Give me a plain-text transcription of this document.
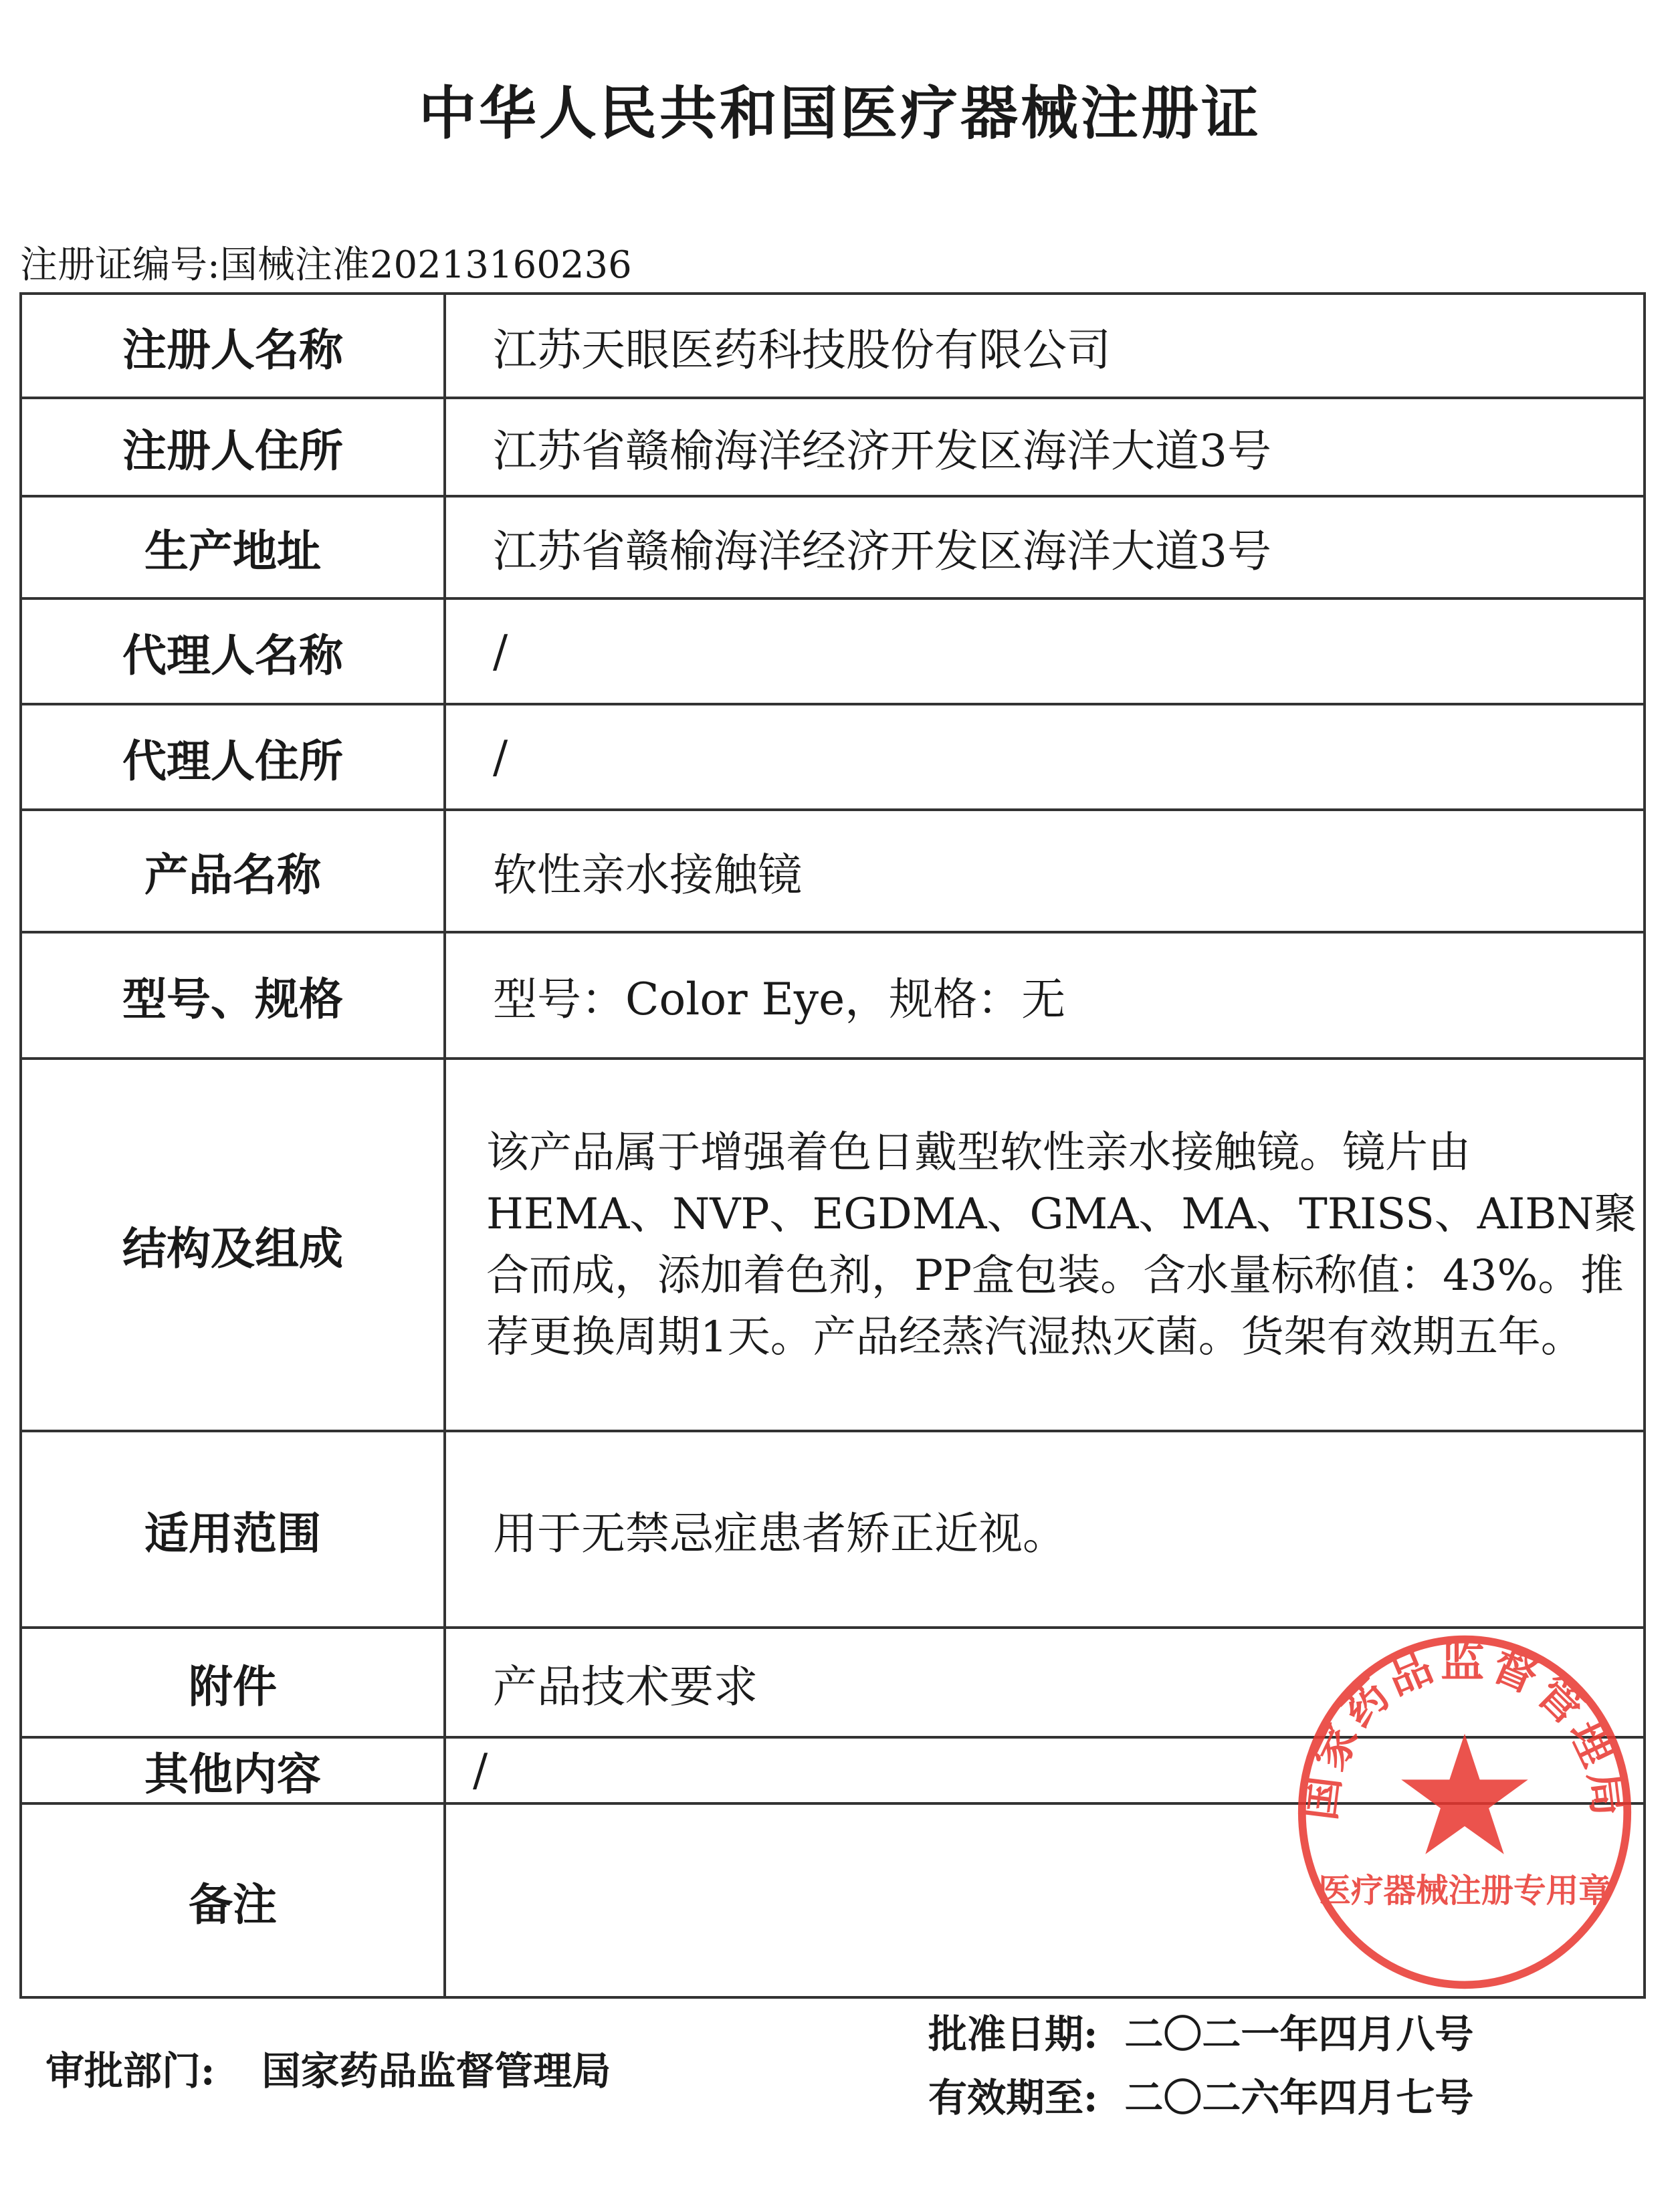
中华人民共和国医疗器械注册证
注册证编号:国械注准20213160236
注册人名称	江苏天眼医药科技股份有限公司
注册人住所	江苏省赣榆海洋经济开发区海洋大道3号
生产地址	江苏省赣榆海洋经济开发区海洋大道3号
代理人名称	/
代理人住所	/
产品名称	软性亲水接触镜
型号、规格	型号：Color Eye，规格：无
结构及组成	该产品属于增强着色日戴型软性亲水接触镜。镜片由HEMA、NVP、EGDMA、GMA、MA、TRISS、AIBN聚合而成，添加着色剂，PP盒包装。含水量标称值：43%。推荐更换周期1天。产品经蒸汽湿热灭菌。货架有效期五年。
适用范围	用于无禁忌症患者矫正近视。
附件	产品技术要求
其他内容	/
备注	
审批部门: 国家药品监督管理局
批准日期: 二〇二一年四月八号
有效期至: 二〇二六年四月七号
国家药品监督管理局
医疗器械注册专用章
